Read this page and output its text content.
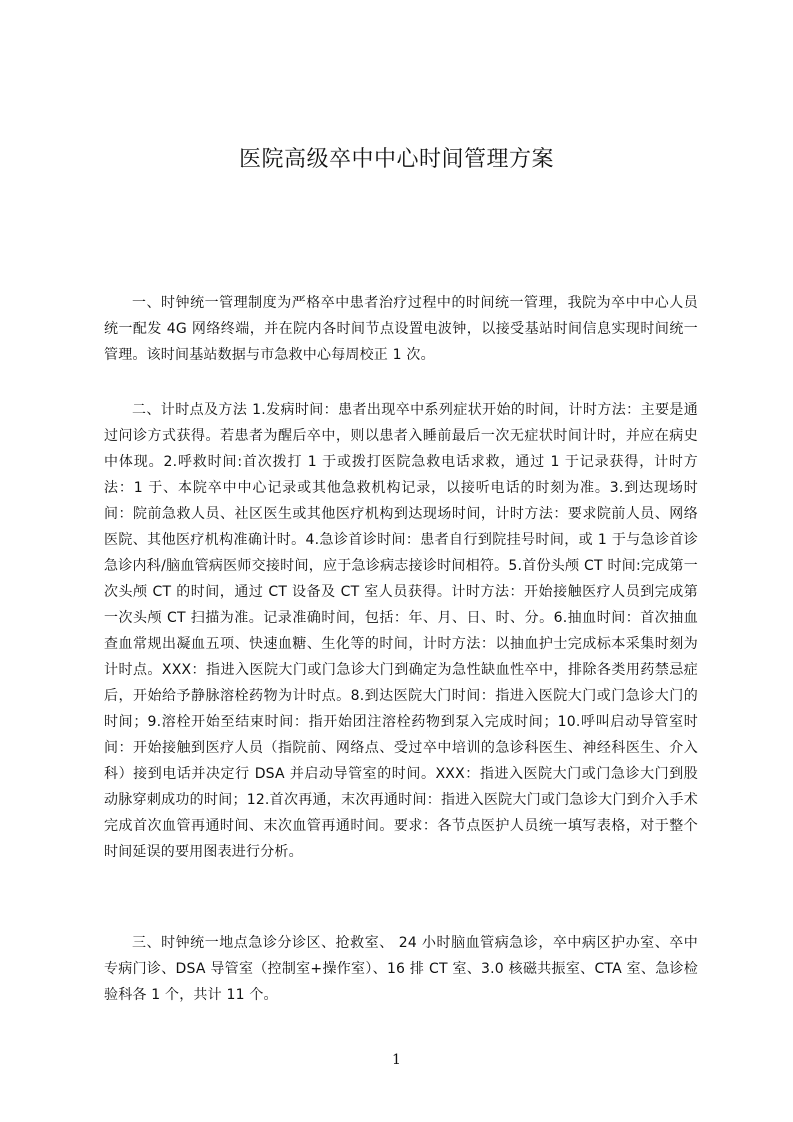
医院高级卒中中心时间管理方案

一、时钟统一管理制度为严格卒中患者治疗过程中的时间统一管理，我院为卒中中心人员统一配发 4G 网络终端，并在院内各时间节点设置电波钟，以接受基站时间信息实现时间统一管理。该时间基站数据与市急救中心每周校正 1 次。

二、计时点及方法 1.发病时间：患者出现卒中系列症状开始的时间，计时方法：主要是通过问诊方式获得。若患者为醒后卒中，则以患者入睡前最后一次无症状时间计时，并应在病史中体现。2.呼救时间:首次拨打 1 于或拨打医院急救电话求救，通过 1 于记录获得，计时方法：1 于、本院卒中中心记录或其他急救机构记录，以接听电话的时刻为准。3.到达现场时间：院前急救人员、社区医生或其他医疗机构到达现场时间，计时方法：要求院前人员、网络医院、其他医疗机构准确计时。4.急诊首诊时间：患者自行到院挂号时间，或 1 于与急诊首诊急诊内科/脑血管病医师交接时间，应于急诊病志接诊时间相符。5.首份头颅 CT 时间:完成第一次头颅 CT 的时间，通过 CT 设备及 CT 室人员获得。计时方法：开始接触医疗人员到完成第一次头颅 CT 扫描为准。记录准确时间，包括：年、月、日、时、分。6.抽血时间：首次抽血查血常规出凝血五项、快速血糖、生化等的时间，计时方法：以抽血护士完成标本采集时刻为计时点。XXX：指进入医院大门或门急诊大门到确定为急性缺血性卒中，排除各类用药禁忌症后，开始给予静脉溶栓药物为计时点。8.到达医院大门时间：指进入医院大门或门急诊大门的时间；9.溶栓开始至结束时间：指开始团注溶栓药物到泵入完成时间；10.呼叫启动导管室时间：开始接触到医疗人员（指院前、网络点、受过卒中培训的急诊科医生、神经科医生、介入科）接到电话并决定行 DSA 并启动导管室的时间。XXX：指进入医院大门或门急诊大门到股动脉穿刺成功的时间；12.首次再通，末次再通时间：指进入医院大门或门急诊大门到介入手术完成首次血管再通时间、末次血管再通时间。要求：各节点医护人员统一填写表格，对于整个时间延误的要用图表进行分析。

三、时钟统一地点急诊分诊区、抢救室、 24 小时脑血管病急诊，卒中病区护办室、卒中专病门诊、DSA 导管室（控制室+操作室）、16 排 CT 室、3.0 核磁共振室、CTA 室、急诊检验科各 1 个，共计 11 个。

1
